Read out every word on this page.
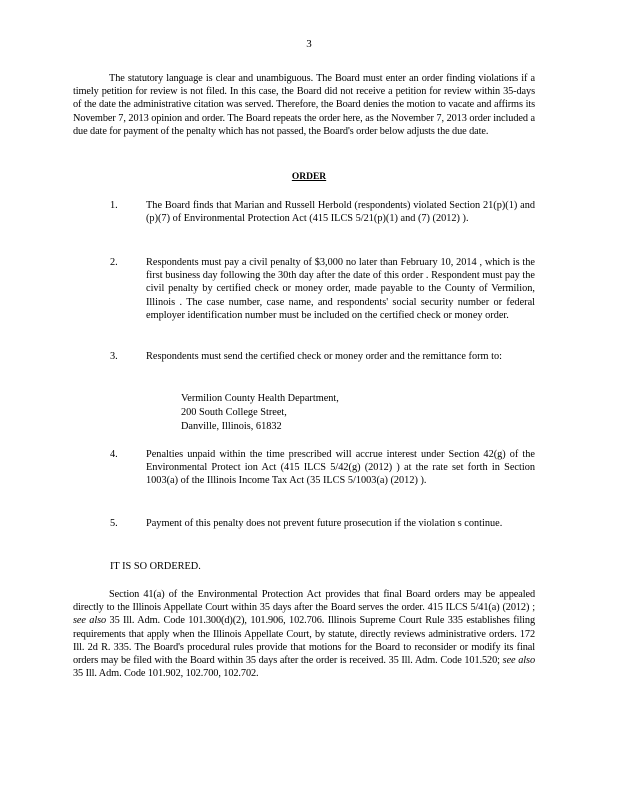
3
The statutory language is clear and unambiguous. The Board must enter an order finding violations if a timely petition for review is not filed. In this case, the Board did not receive a petition for review within 35-days of the date the administrative citation was served. Therefore, the Board denies the motion to vacate and affirms its November 7, 2013 opinion and order. The Board repeats the order here, as the November 7, 2013 order included a due date for payment of the penalty which has not passed, the Board's order below adjusts the due date.
ORDER
1.	The Board finds that Marian and Russell Herbold (respondents) violated Section 21(p)(1) and (p)(7) of Environmental Protection Act (415 ILCS 5/21(p)(1) and (7) (2012) ).
2.	Respondents must pay a civil penalty of $3,000 no later than February 10, 2014 , which is the first business day following the 30th day after the date of this order . Respondent must pay the civil penalty by certified check or money order, made payable to the County of Vermilion, Illinois . The case number, case name, and respondents' social security number or federal employer identification number must be included on the certified check or money order.
3.	Respondents must send the certified check or money order and the remittance form to:
Vermilion County Health Department,
200 South College Street,
Danville, Illinois, 61832
4.	Penalties unpaid within the time prescribed will accrue interest under Section 42(g) of the Environmental Protect ion Act (415 ILCS 5/42(g) (2012) ) at the rate set forth in Section 1003(a) of the Illinois Income Tax Act (35 ILCS 5/1003(a) (2012) ).
5.	Payment of this penalty does not prevent future prosecution if the violation s continue.
IT IS SO ORDERED.
Section 41(a) of the Environmental Protection Act provides that final Board orders may be appealed directly to the Illinois Appellate Court within 35 days after the Board serves the order. 415 ILCS 5/41(a) (2012) ; see also 35 Ill. Adm. Code 101.300(d)(2), 101.906, 102.706. Illinois Supreme Court Rule 335 establishes filing requirements that apply when the Illinois Appellate Court, by statute, directly reviews administrative orders. 172 Ill. 2d R. 335. The Board's procedural rules provide that motions for the Board to reconsider or modify its final orders may be filed with the Board within 35 days after the order is received. 35 Ill. Adm. Code 101.520; see also 35 Ill. Adm. Code 101.902, 102.700, 102.702.
